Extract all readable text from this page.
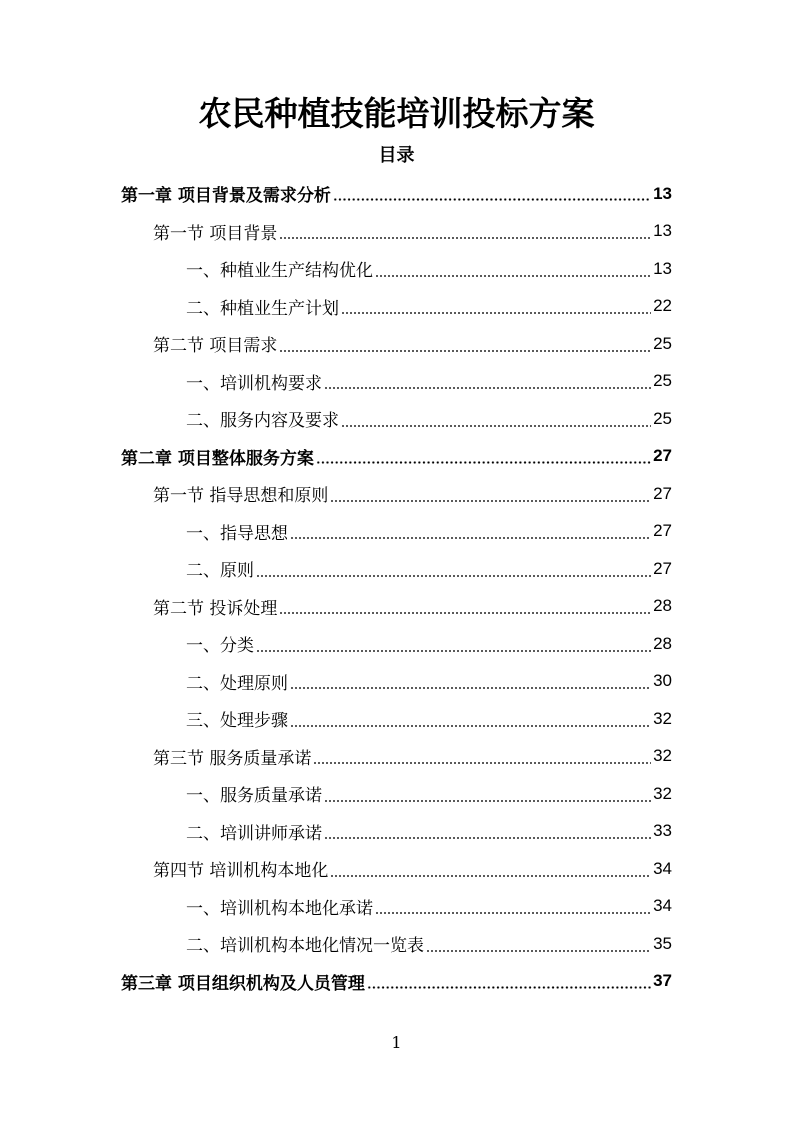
农民种植技能培训投标方案
目录
第一章 项目背景及需求分析	13
第一节 项目背景	13
一、种植业生产结构优化	13
二、种植业生产计划	22
第二节 项目需求	25
一、培训机构要求	25
二、服务内容及要求	25
第二章 项目整体服务方案	27
第一节 指导思想和原则	27
一、指导思想	27
二、原则	27
第二节 投诉处理	28
一、分类	28
二、处理原则	30
三、处理步骤	32
第三节 服务质量承诺	32
一、服务质量承诺	32
二、培训讲师承诺	33
第四节 培训机构本地化	34
一、培训机构本地化承诺	34
二、培训机构本地化情况一览表	35
第三章 项目组织机构及人员管理	37
1
